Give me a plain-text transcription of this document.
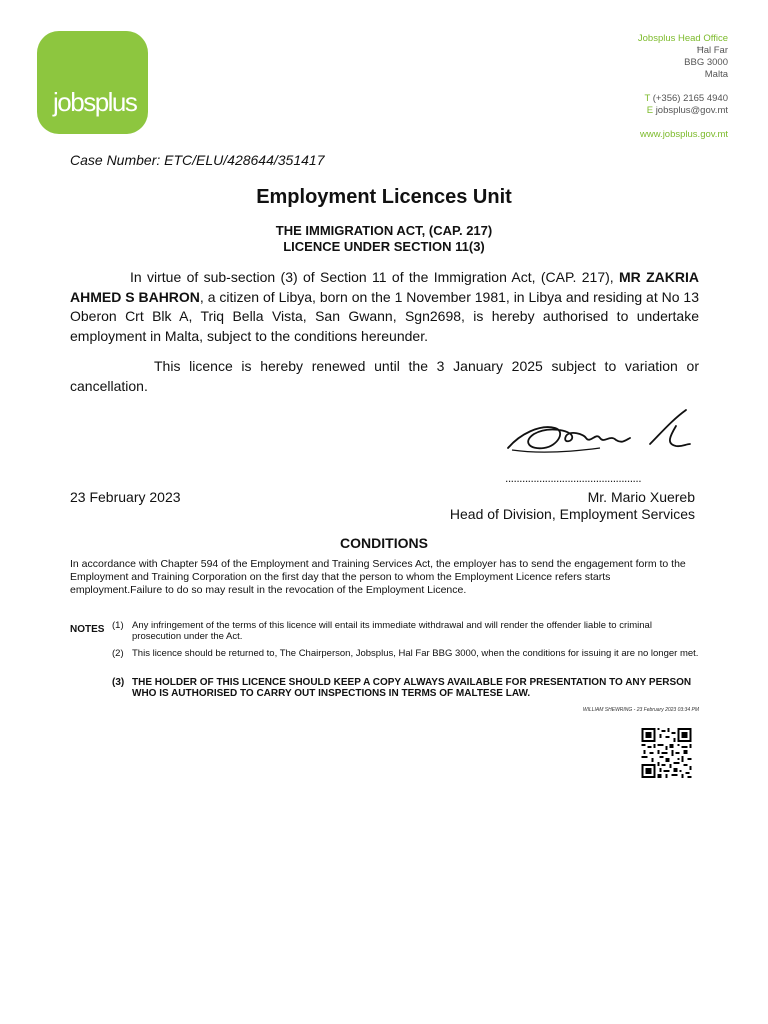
jobsplus
Jobsplus Head Office
Ħal Far
BBG 3000
Malta
T (+356) 2165 4940
E jobsplus@gov.mt
www.jobsplus.gov.mt
Case Number: ETC/ELU/428644/351417
Employment Licences Unit
THE IMMIGRATION ACT, (CAP. 217)
LICENCE UNDER SECTION 11(3)
In virtue of sub-section (3) of Section 11 of the Immigration Act, (CAP. 217), MR ZAKRIA AHMED S BAHRON, a citizen of Libya, born on the 1 November 1981, in Libya and residing at No 13 Oberon Crt Blk A, Triq Bella Vista, San Gwann, Sgn2698, is hereby authorised to undertake employment in Malta, subject to the conditions hereunder.
This licence is hereby renewed until the 3 January 2025 subject to variation or cancellation.
................................................
23 February 2023	Mr. Mario Xuereb
Head of Division, Employment Services
CONDITIONS
In accordance with Chapter 594 of the Employment and Training Services Act, the employer has to send the engagement form to the Employment and Training Corporation on the first day that the person to whom the Employment Licence refers starts employment.Failure to do so may result in the revocation of the Employment Licence.
NOTES (1) Any infringement of the terms of this licence will entail its immediate withdrawal and will render the offender liable to criminal prosecution under the Act.
(2) This licence should be returned to, The Chairperson, Jobsplus, Hal Far BBG 3000, when the conditions for issuing it are no longer met.
(3) THE HOLDER OF THIS LICENCE SHOULD KEEP A COPY ALWAYS AVAILABLE FOR PRESENTATION TO ANY PERSON WHO IS AUTHORISED TO CARRY OUT INSPECTIONS IN TERMS OF MALTESE LAW.
WILLIAM SHEWRING - 23 February 2023 03:34 PM
